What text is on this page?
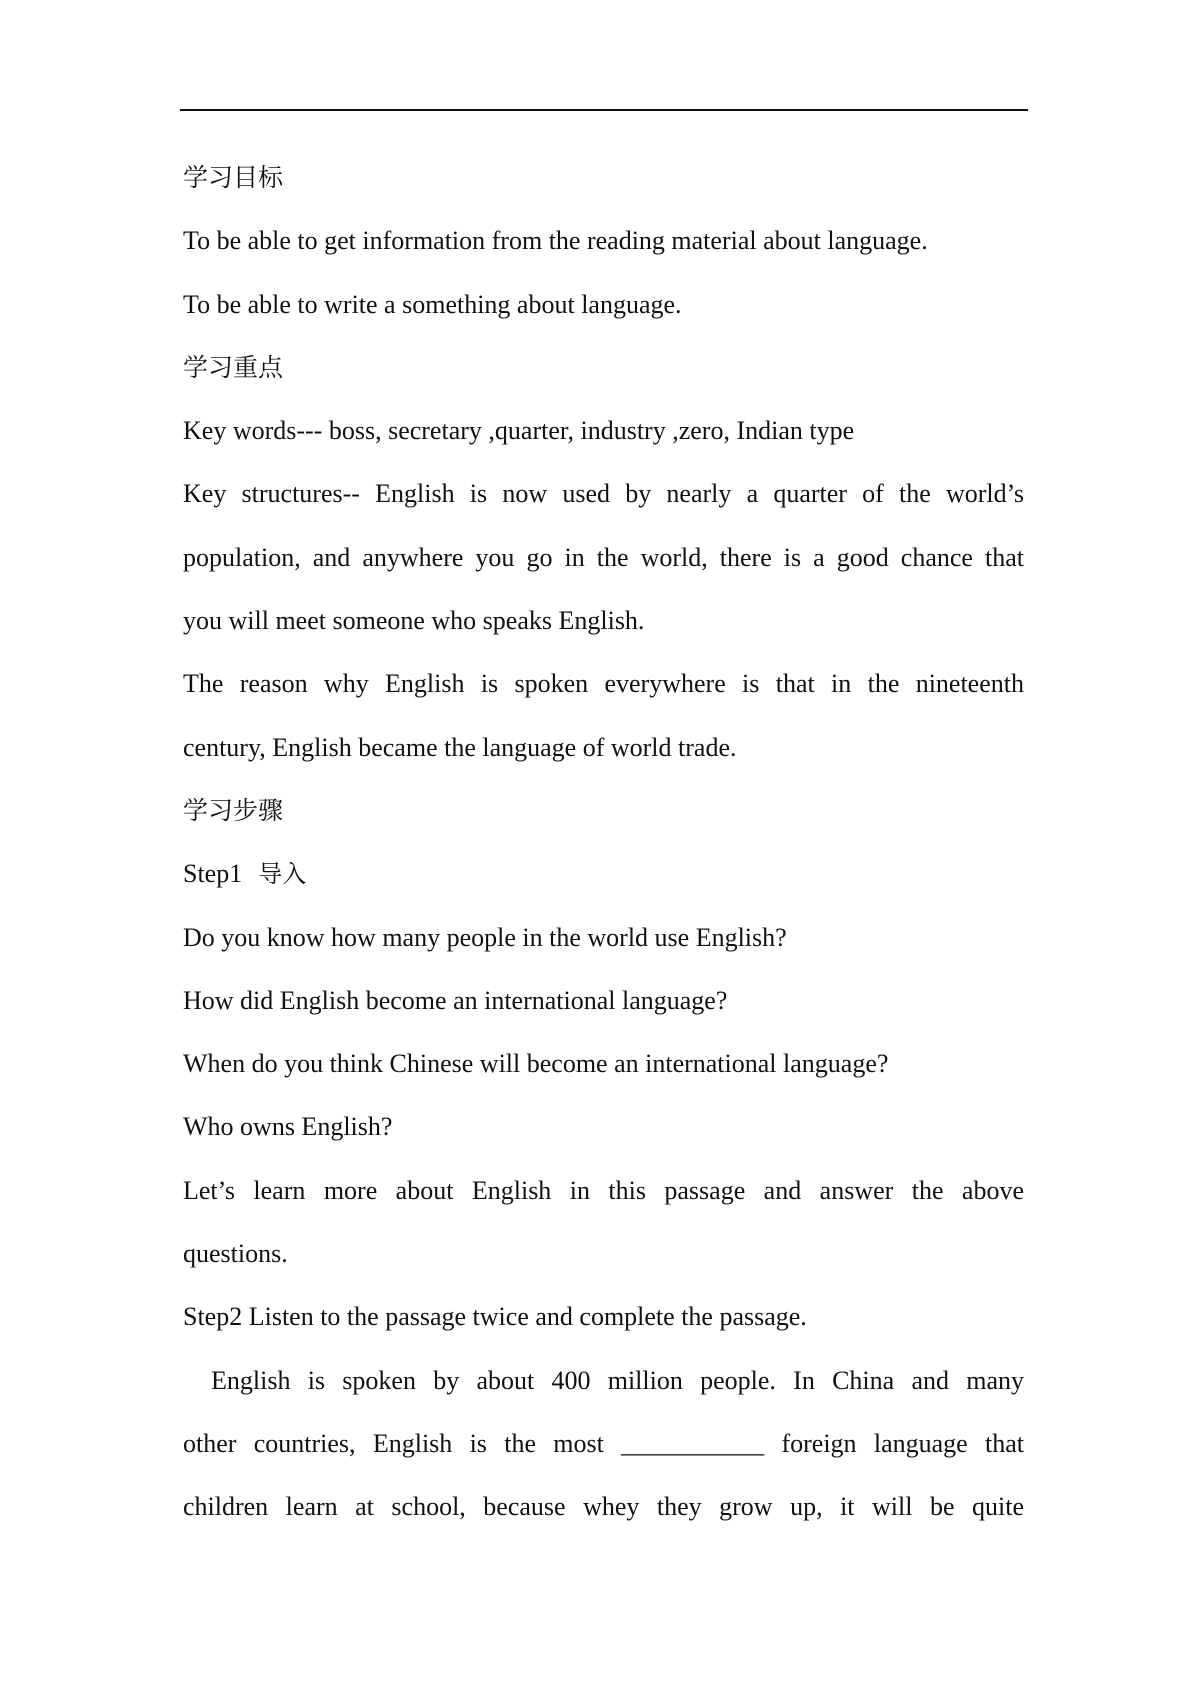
学习目标
To be able to get information from the reading material about language.
To be able to write a something about language.
学习重点
Key words--- boss, secretary ,quarter, industry ,zero, Indian type
Key structures-- English is now used by nearly a quarter of the world’s
population, and anywhere you go in the world, there is a good chance that
you will meet someone who speaks English.
The reason why English is spoken everywhere is that in the nineteenth
century, English became the language of world trade.
学习步骤
Step1 导入
Do you know how many people in the world use English?
How did English become an international language?
When do you think Chinese will become an international language?
Who owns English?
Let’s learn more about English in this passage and answer the above
questions.
Step2 Listen to the passage twice and complete the passage.
English is spoken by about 400 million people. In China and many
other countries, English is the most ___________ foreign language that
children learn at school, because whey they grow up, it will be quite
